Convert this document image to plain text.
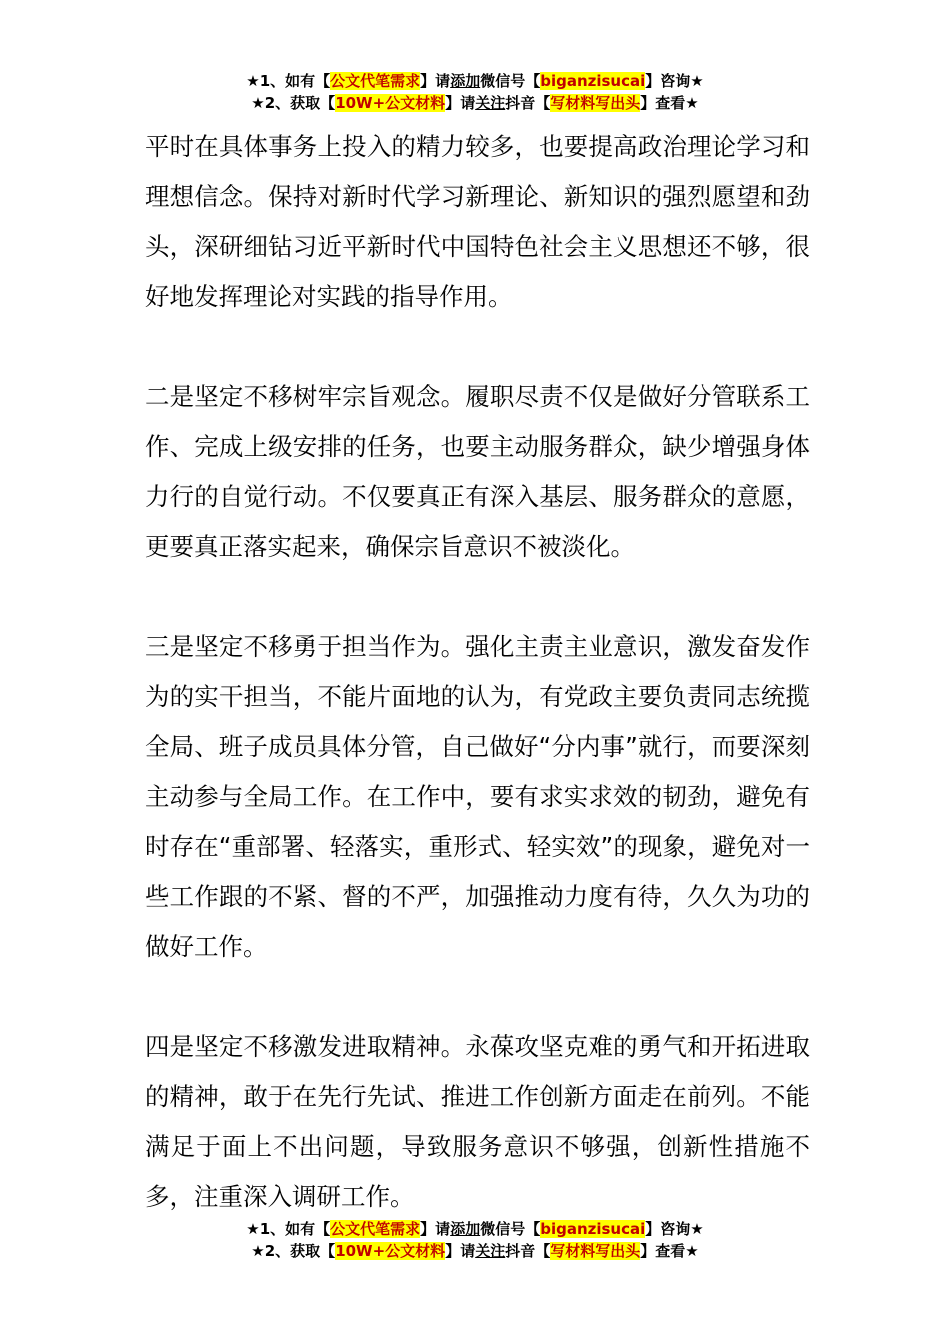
★1、如有【公文代笔需求】请添加微信号【biganzisucai】咨询★
★2、获取【10W+公文材料】请关注抖音【写材料写出头】查看★

平时在具体事务上投入的精力较多，也要提高政治理论学习和理想信念。保持对新时代学习新理论、新知识的强烈愿望和劲头，深研细钻习近平新时代中国特色社会主义思想还不够，很好地发挥理论对实践的指导作用。

二是坚定不移树牢宗旨观念。履职尽责不仅是做好分管联系工作、完成上级安排的任务，也要主动服务群众，缺少增强身体力行的自觉行动。不仅要真正有深入基层、服务群众的意愿，更要真正落实起来，确保宗旨意识不被淡化。

三是坚定不移勇于担当作为。强化主责主业意识，激发奋发作为的实干担当，不能片面地的认为，有党政主要负责同志统揽全局、班子成员具体分管，自己做好“分内事”就行，而要深刻主动参与全局工作。在工作中，要有求实求效的韧劲，避免有时存在“重部署、轻落实，重形式、轻实效”的现象，避免对一些工作跟的不紧、督的不严，加强推动力度有待，久久为功的做好工作。

四是坚定不移激发进取精神。永葆攻坚克难的勇气和开拓进取的精神，敢于在先行先试、推进工作创新方面走在前列。不能满足于面上不出问题，导致服务意识不够强，创新性措施不多，注重深入调研工作。

★1、如有【公文代笔需求】请添加微信号【biganzisucai】咨询★
★2、获取【10W+公文材料】请关注抖音【写材料写出头】查看★
